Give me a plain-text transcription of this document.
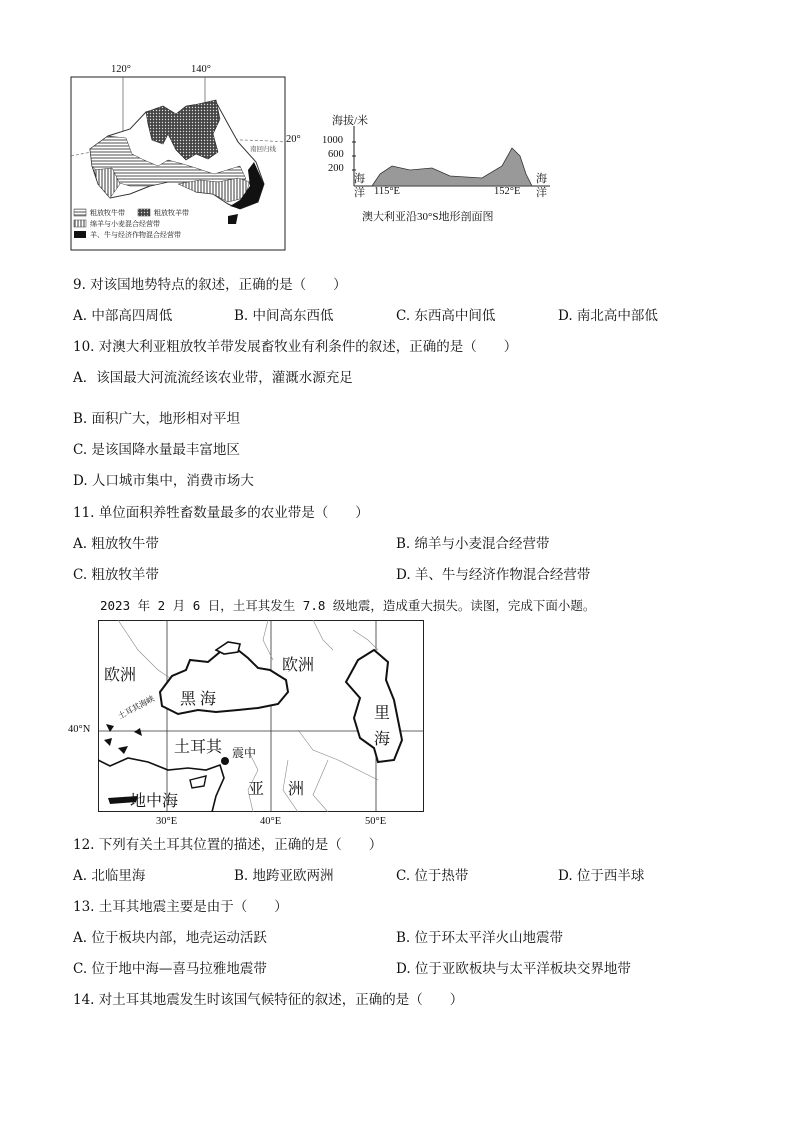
120°	140°
20°
南回归线
粗放牧牛带	粗放牧羊带
绵羊与小麦混合经营带
羊、牛与经济作物混合经营带
海拔/米
1000
600
200
海
洋
海
洋
115°E	152°E
澳大利亚沿30°S地形剖面图
9. 对该国地势特点的叙述，正确的是（　　）
A. 中部高四周低	B. 中间高东西低	C. 东西高中间低	D. 南北高中部低
10. 对澳大利亚粗放牧羊带发展畜牧业有利条件的叙述，正确的是（　　）
A．该国最大河流流经该农业带，灌溉水源充足
B. 面积广大，地形相对平坦
C. 是该国降水量最丰富地区
D. 人口城市集中，消费市场大
11. 单位面积养牲畜数量最多的农业带是（　　）
A. 粗放牧牛带	B. 绵羊与小麦混合经营带
C. 粗放牧羊带	D. 羊、牛与经济作物混合经营带
2023 年 2 月 6 日，土耳其发生 7.8 级地震，造成重大损失。读图，完成下面小题。
欧洲
欧洲
黑 海
里
海
土耳其 震中
亚 洲
地中海
土耳其海峡
40°N
30°E	40°E	50°E
12. 下列有关土耳其位置的描述，正确的是（　　）
A. 北临里海	B. 地跨亚欧两洲	C. 位于热带	D. 位于西半球
13. 土耳其地震主要是由于（　　）
A. 位于板块内部，地壳运动活跃	B. 位于环太平洋火山地震带
C. 位于地中海—喜马拉雅地震带	D. 位于亚欧板块与太平洋板块交界地带
14. 对土耳其地震发生时该国气候特征的叙述，正确的是（　　）
